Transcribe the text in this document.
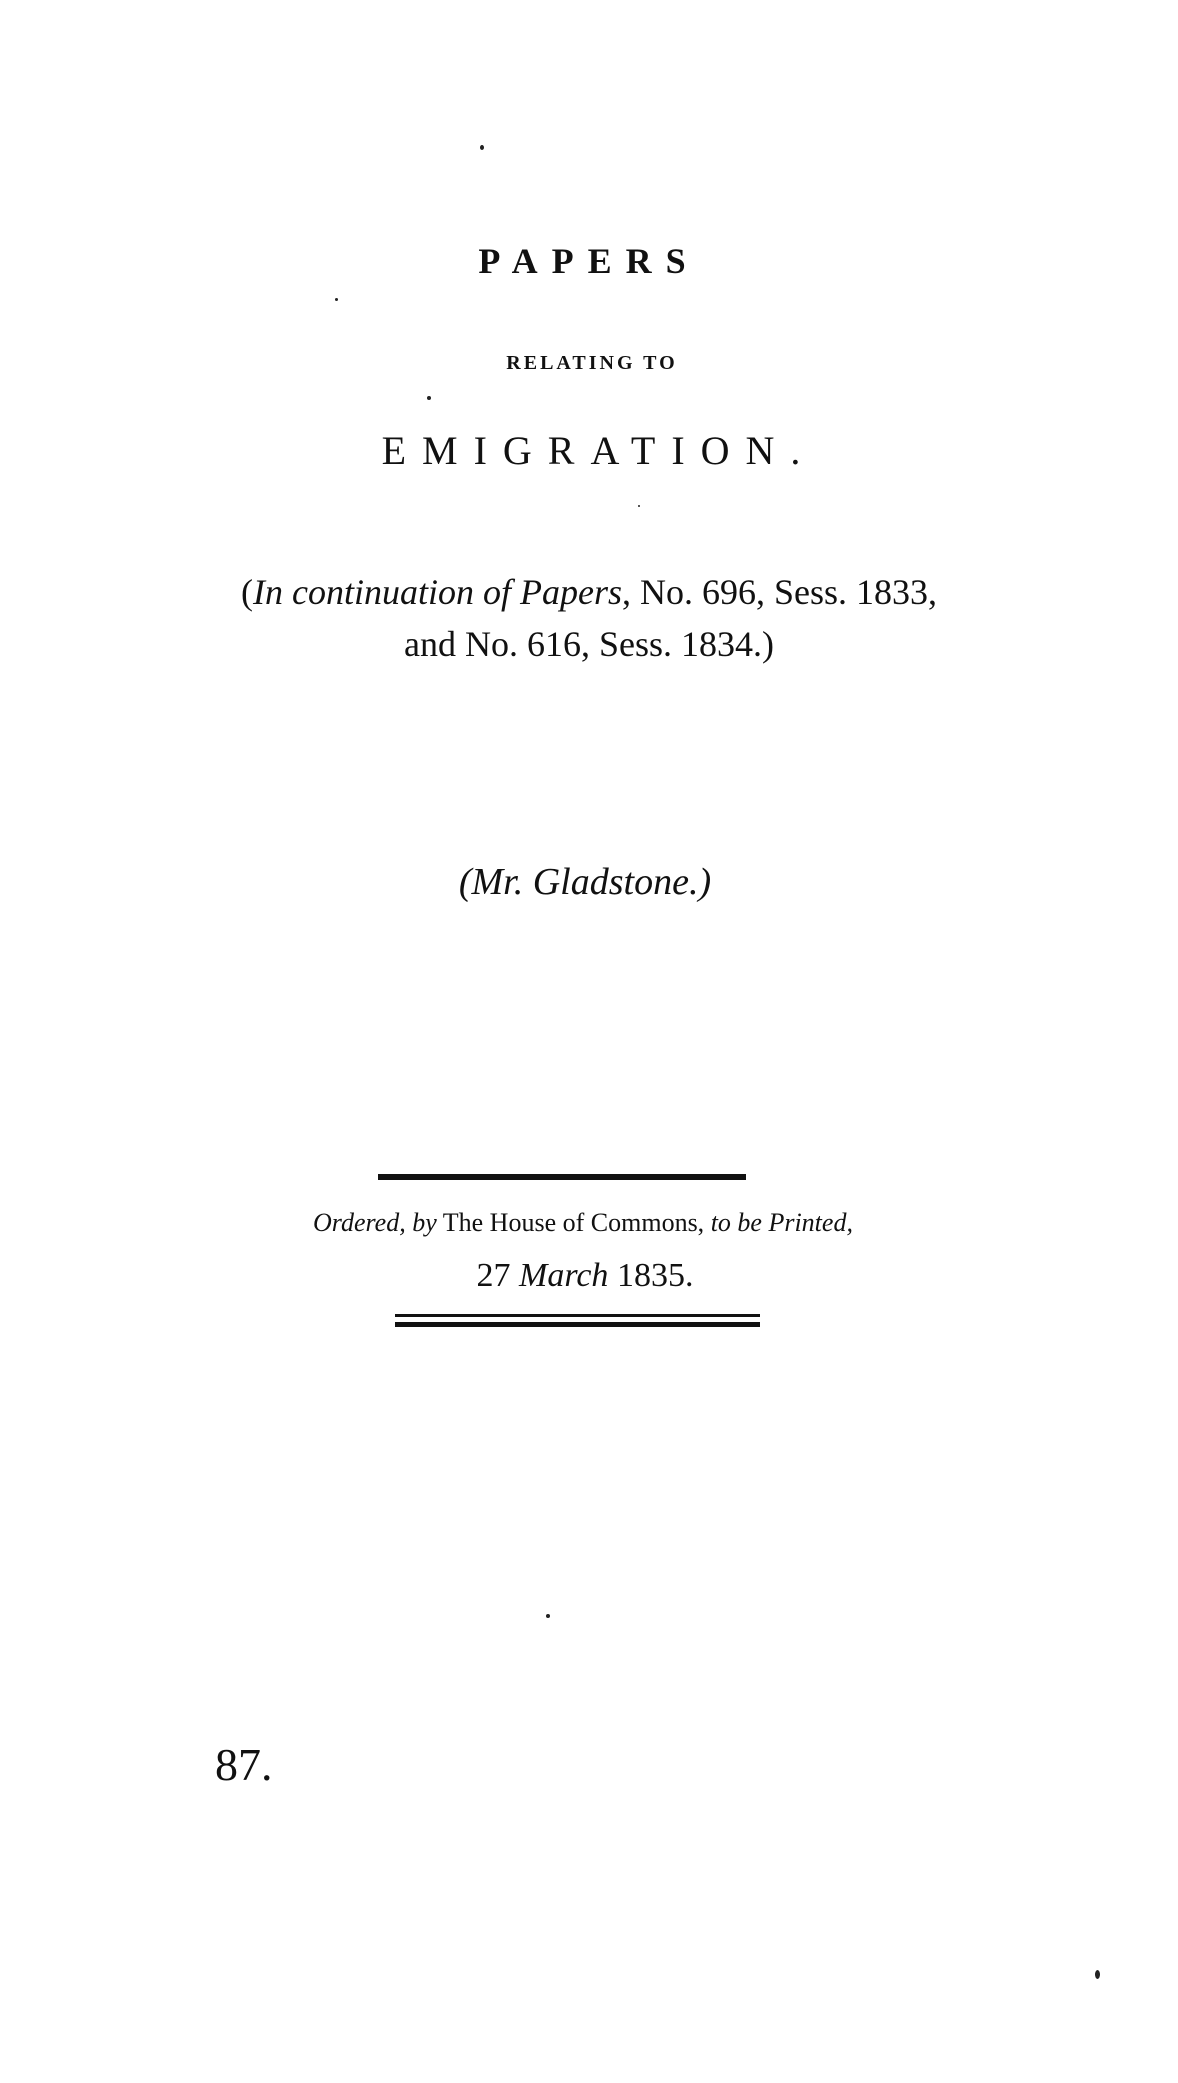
PAPERS
RELATING TO
EMIGRATION.
(In continuation of Papers, No. 696, Sess. 1833,
and No. 616, Sess. 1834.)
(Mr. Gladstone.)
Ordered, by The House of Commons, to be Printed,
27 March 1835.
87.
